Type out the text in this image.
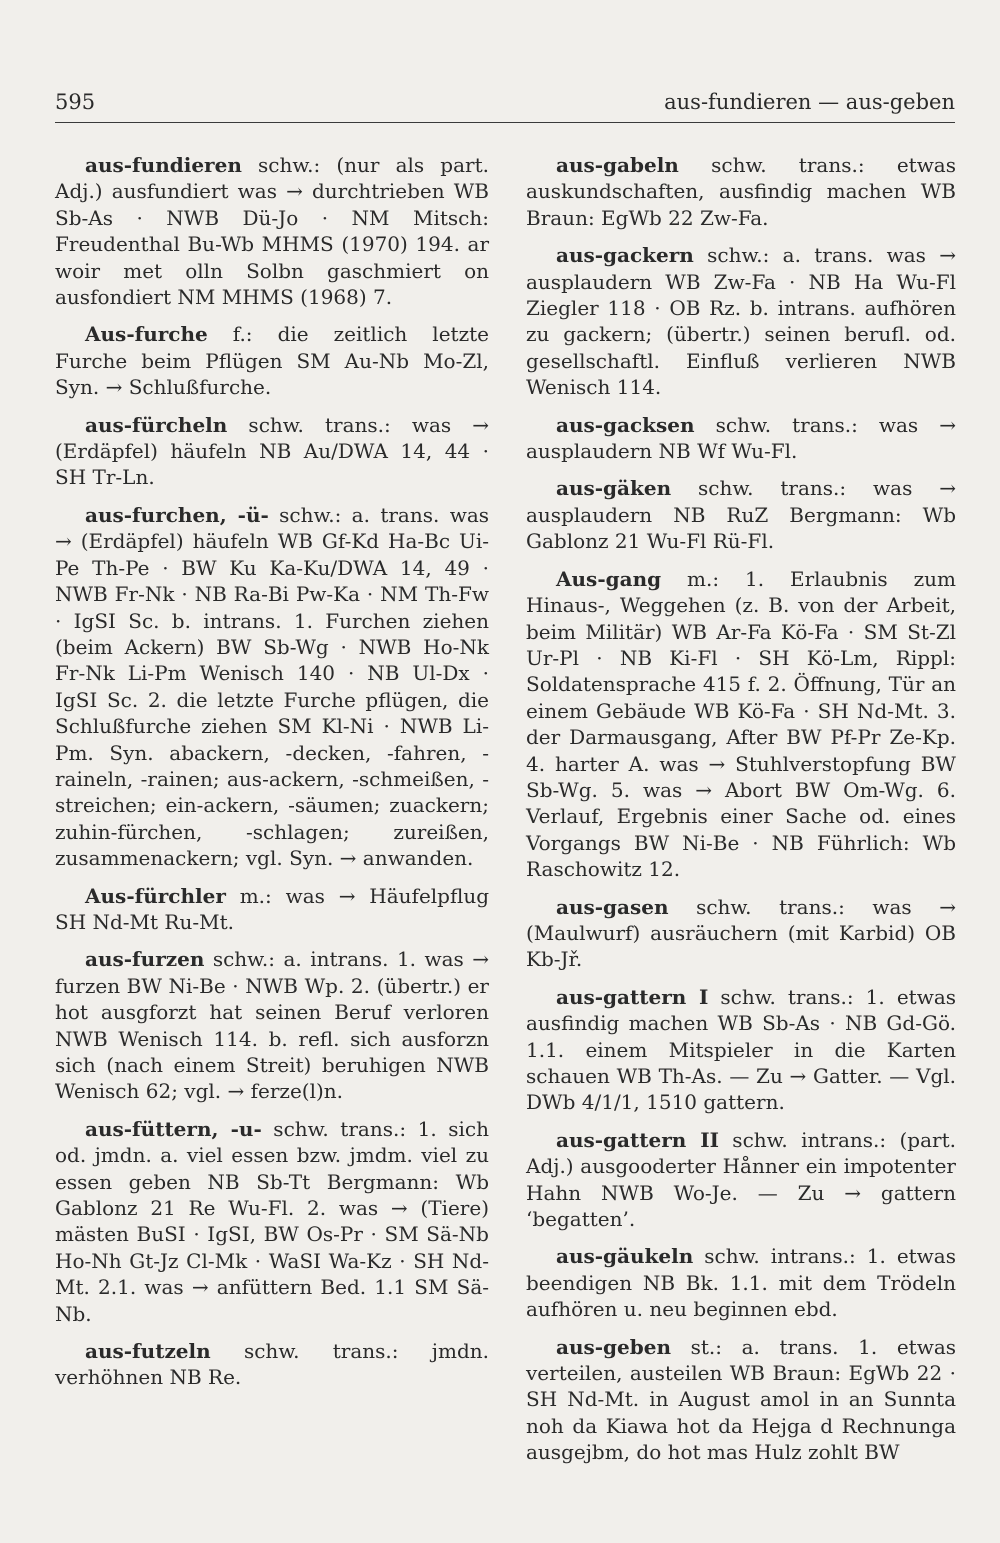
595	aus-fundieren — aus-geben

aus-fundieren schw.: (nur als part. Adj.) ausfundiert was → durchtrieben WB Sb-As · NWB Dü-Jo · NM Mitsch: Freudenthal Bu-Wb MHMS (1970) 194. ar woir met olln Solbn gaschmiert on ausfondiert NM MHMS (1968) 7.

Aus-furche f.: die zeitlich letzte Furche beim Pflügen SM Au-Nb Mo-Zl, Syn. → Schlußfurche.

aus-fürcheln schw. trans.: was → (Erdäpfel) häufeln NB Au/DWA 14, 44 · SH Tr-Ln.

aus-furchen, -ü- schw.: a. trans. was → (Erdäpfel) häufeln WB Gf-Kd Ha-Bc Ui-Pe Th-Pe · BW Ku Ka-Ku/DWA 14, 49 · NWB Fr-Nk · NB Ra-Bi Pw-Ka · NM Th-Fw · IgSI Sc. b. intrans. 1. Furchen ziehen (beim Ackern) BW Sb-Wg · NWB Ho-Nk Fr-Nk Li-Pm Wenisch 140 · NB Ul-Dx · IgSI Sc. 2. die letzte Furche pflügen, die Schlußfurche ziehen SM Kl-Ni · NWB Li-Pm. Syn. abackern, -decken, -fahren, -raineln, -rainen; aus-ackern, -schmeißen, -streichen; ein-ackern, -säumen; zuackern; zuhin-fürchen, -schlagen; zureißen, zusammenackern; vgl. Syn. → anwanden.

Aus-fürchler m.: was → Häufelpflug SH Nd-Mt Ru-Mt.

aus-furzen schw.: a. intrans. 1. was → furzen BW Ni-Be · NWB Wp. 2. (übertr.) er hot ausgforzt hat seinen Beruf verloren NWB Wenisch 114. b. refl. sich ausforzn sich (nach einem Streit) beruhigen NWB Wenisch 62; vgl. → ferze(l)n.

aus-füttern, -u- schw. trans.: 1. sich od. jmdn. a. viel essen bzw. jmdm. viel zu essen geben NB Sb-Tt Bergmann: Wb Gablonz 21 Re Wu-Fl. 2. was → (Tiere) mästen BuSI · IgSI, BW Os-Pr · SM Sä-Nb Ho-Nh Gt-Jz Cl-Mk · WaSI Wa-Kz · SH Nd-Mt. 2.1. was → anfüttern Bed. 1.1 SM Sä-Nb.

aus-futzeln schw. trans.: jmdn. verhöhnen NB Re.

aus-gabeln schw. trans.: etwas auskundschaften, ausfindig machen WB Braun: EgWb 22 Zw-Fa.

aus-gackern schw.: a. trans. was → ausplaudern WB Zw-Fa · NB Ha Wu-Fl Ziegler 118 · OB Rz. b. intrans. aufhören zu gackern; (übertr.) seinen berufl. od. gesellschaftl. Einfluß verlieren NWB Wenisch 114.

aus-gacksen schw. trans.: was → ausplaudern NB Wf Wu-Fl.

aus-gäken schw. trans.: was → ausplaudern NB RuZ Bergmann: Wb Gablonz 21 Wu-Fl Rü-Fl.

Aus-gang m.: 1. Erlaubnis zum Hinaus-, Weggehen (z. B. von der Arbeit, beim Militär) WB Ar-Fa Kö-Fa · SM St-Zl Ur-Pl · NB Ki-Fl · SH Kö-Lm, Rippl: Soldatensprache 415 f. 2. Öffnung, Tür an einem Gebäude WB Kö-Fa · SH Nd-Mt. 3. der Darmausgang, After BW Pf-Pr Ze-Kp. 4. harter A. was → Stuhlverstopfung BW Sb-Wg. 5. was → Abort BW Om-Wg. 6. Verlauf, Ergebnis einer Sache od. eines Vorgangs BW Ni-Be · NB Führlich: Wb Raschowitz 12.

aus-gasen schw. trans.: was → (Maulwurf) ausräuchern (mit Karbid) OB Kb-Jř.

aus-gattern I schw. trans.: 1. etwas ausfindig machen WB Sb-As · NB Gd-Gö. 1.1. einem Mitspieler in die Karten schauen WB Th-As. — Zu → Gatter. — Vgl. DWb 4/1/1, 1510 gattern.

aus-gattern II schw. intrans.: (part. Adj.) ausgooderter Hånner ein impotenter Hahn NWB Wo-Je. — Zu → gattern ‘begatten’.

aus-gäukeln schw. intrans.: 1. etwas beendigen NB Bk. 1.1. mit dem Trödeln aufhören u. neu beginnen ebd.

aus-geben st.: a. trans. 1. etwas verteilen, austeilen WB Braun: EgWb 22 · SH Nd-Mt. in August amol in an Sunnta noh da Kiawa hot da Hejga d Rechnunga ausgejbm, do hot mas Hulz zohlt BW
